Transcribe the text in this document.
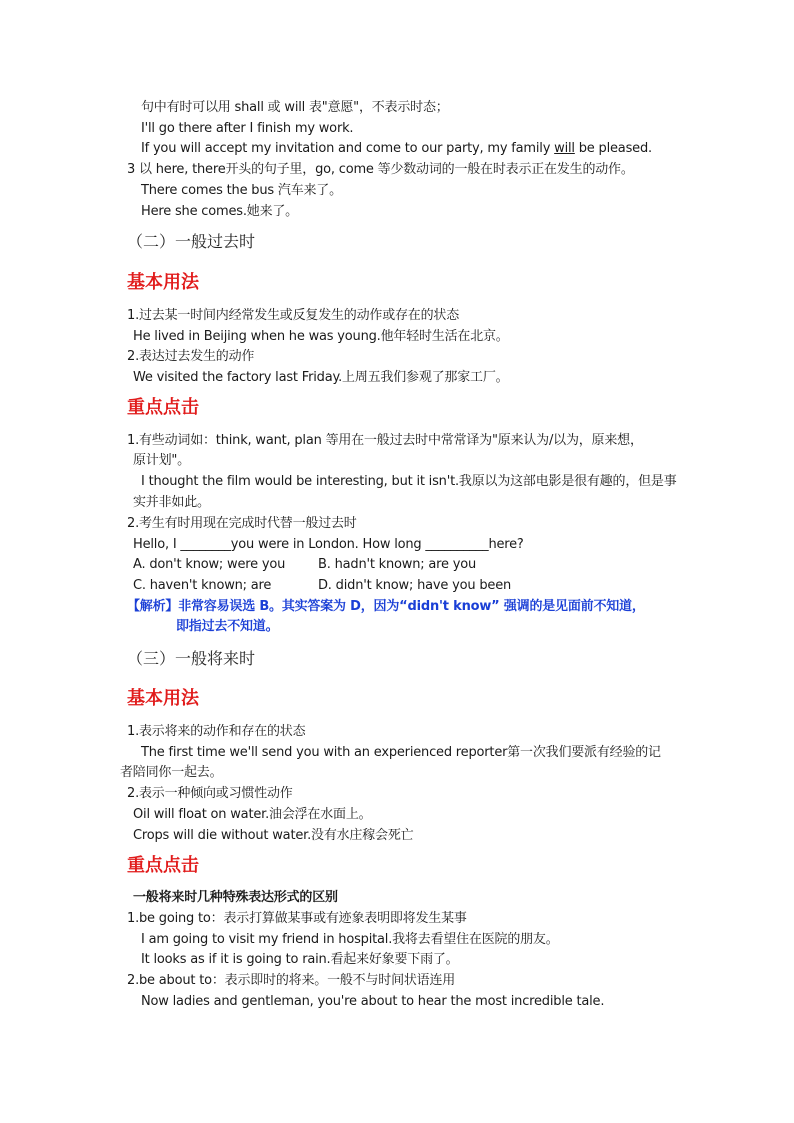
句中有时可以用 shall 或 will 表"意愿"，不表示时态；
I'll go there after I finish my work.
If you will accept my invitation and come to our party, my family will be pleased.
3 以 here, there开头的句子里，go, come 等少数动词的一般在时表示正在发生的动作。
There comes the bus 汽车来了。
Here she comes.她来了。
（二）一般过去时
基本用法
1.过去某一时间内经常发生或反复发生的动作或存在的状态
He lived in Beijing when he was young.他年轻时生活在北京。
2.表达过去发生的动作
We visited the factory last Friday.上周五我们参观了那家工厂。
重点点击
1.有些动词如：think, want, plan 等用在一般过去时中常常译为"原来认为/以为，原来想，
原计划"。
I thought the film would be interesting, but it isn't.我原以为这部电影是很有趣的，但是事
实并非如此。
2.考生有时用现在完成时代替一般过去时
Hello, I ________you were in London. How long __________here?
A. don't know; were you	B. hadn't known; are you
C. haven't known; are	D. didn't know; have you been
【解析】非常容易误选 B。其实答案为 D，因为“didn't know” 强调的是见面前不知道，
即指过去不知道。
（三）一般将来时
基本用法
1.表示将来的动作和存在的状态
The first time we'll send you with an experienced reporter第一次我们要派有经验的记
者陪同你一起去。
2.表示一种倾向或习惯性动作
Oil will float on water.油会浮在水面上。
Crops will die without water.没有水庄稼会死亡
重点点击
一般将来时几种特殊表达形式的区别
1.be going to：表示打算做某事或有迹象表明即将发生某事
I am going to visit my friend in hospital.我将去看望住在医院的朋友。
It looks as if it is going to rain.看起来好象要下雨了。
2.be about to：表示即时的将来。一般不与时间状语连用
Now ladies and gentleman, you're about to hear the most incredible tale.
